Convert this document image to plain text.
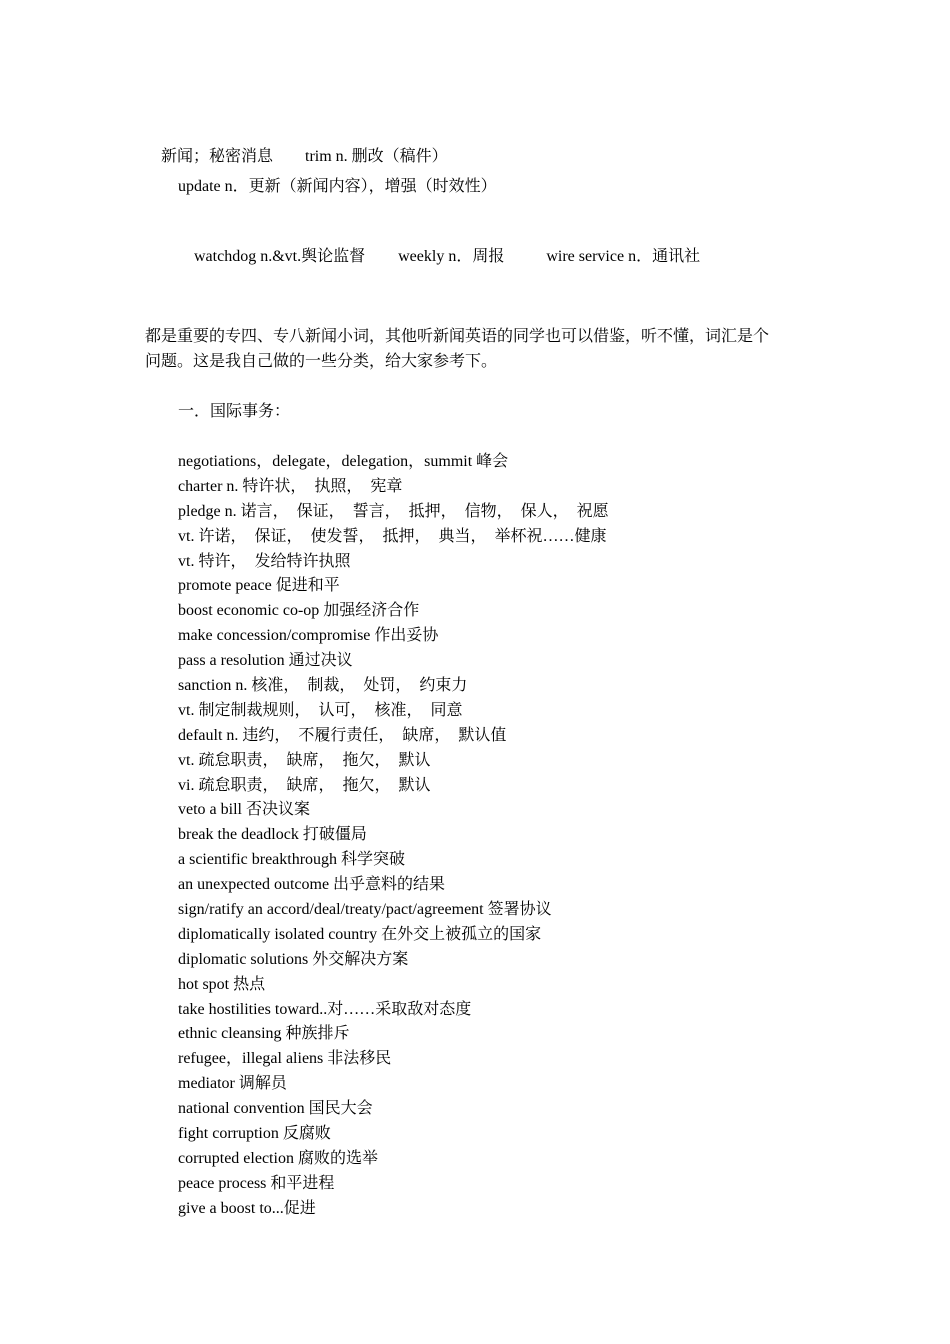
新闻；秘密消息 trim n. 删改（稿件）

update n．更新（新闻内容），增强（时效性）

watchdog n.&vt.舆论监督 weekly n．周报	wire service n．通讯社

都是重要的专四、专八新闻小词，其他听新闻英语的同学也可以借鉴，听不懂，词汇是个
问题。这是我自己做的一些分类，给大家参考下。
一．国际事务：
negotiations，delegate，delegation，summit 峰会
charter n. 特许状，　执照，　宪章
pledge n. 诺言，　保证，　誓言，　抵押，　信物，　保人，　祝愿
vt. 许诺，　保证，　使发誓，　抵押，　典当，　举杯祝……健康
vt. 特许，　发给特许执照
promote peace 促进和平
boost economic co-op 加强经济合作
make concession/compromise 作出妥协
pass a resolution 通过决议
sanction n. 核准，　制裁，　处罚，　约束力
vt. 制定制裁规则，　认可，　核准，　同意
default n. 违约，　不履行责任，　缺席，　默认值
vt. 疏怠职责，　缺席，　拖欠，　默认
vi. 疏怠职责，　缺席，　拖欠，　默认
veto a bill 否决议案
break the deadlock 打破僵局
a scientific breakthrough 科学突破
an unexpected outcome 出乎意料的结果
sign/ratify an accord/deal/treaty/pact/agreement 签署协议
diplomatically isolated country 在外交上被孤立的国家
diplomatic solutions 外交解决方案
hot spot 热点
take hostilities toward..对……采取敌对态度
ethnic cleansing 种族排斥
refugee，illegal aliens 非法移民
mediator 调解员
national convention 国民大会
fight corruption 反腐败
corrupted election 腐败的选举
peace process 和平进程
give a boost to...促进
